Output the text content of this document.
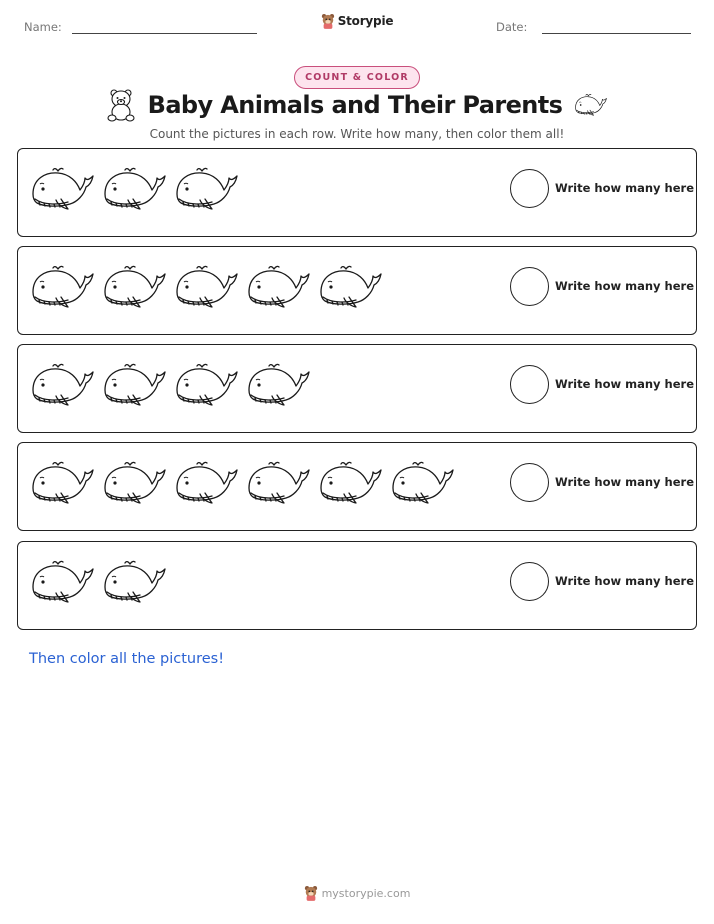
Name:	Storypie	Date:
COUNT & COLOR
Baby Animals and Their Parents
Count the pictures in each row. Write how many, then color them all!
Write how many here
Write how many here
Write how many here
Write how many here
Write how many here
Then color all the pictures!
mystorypie.com
